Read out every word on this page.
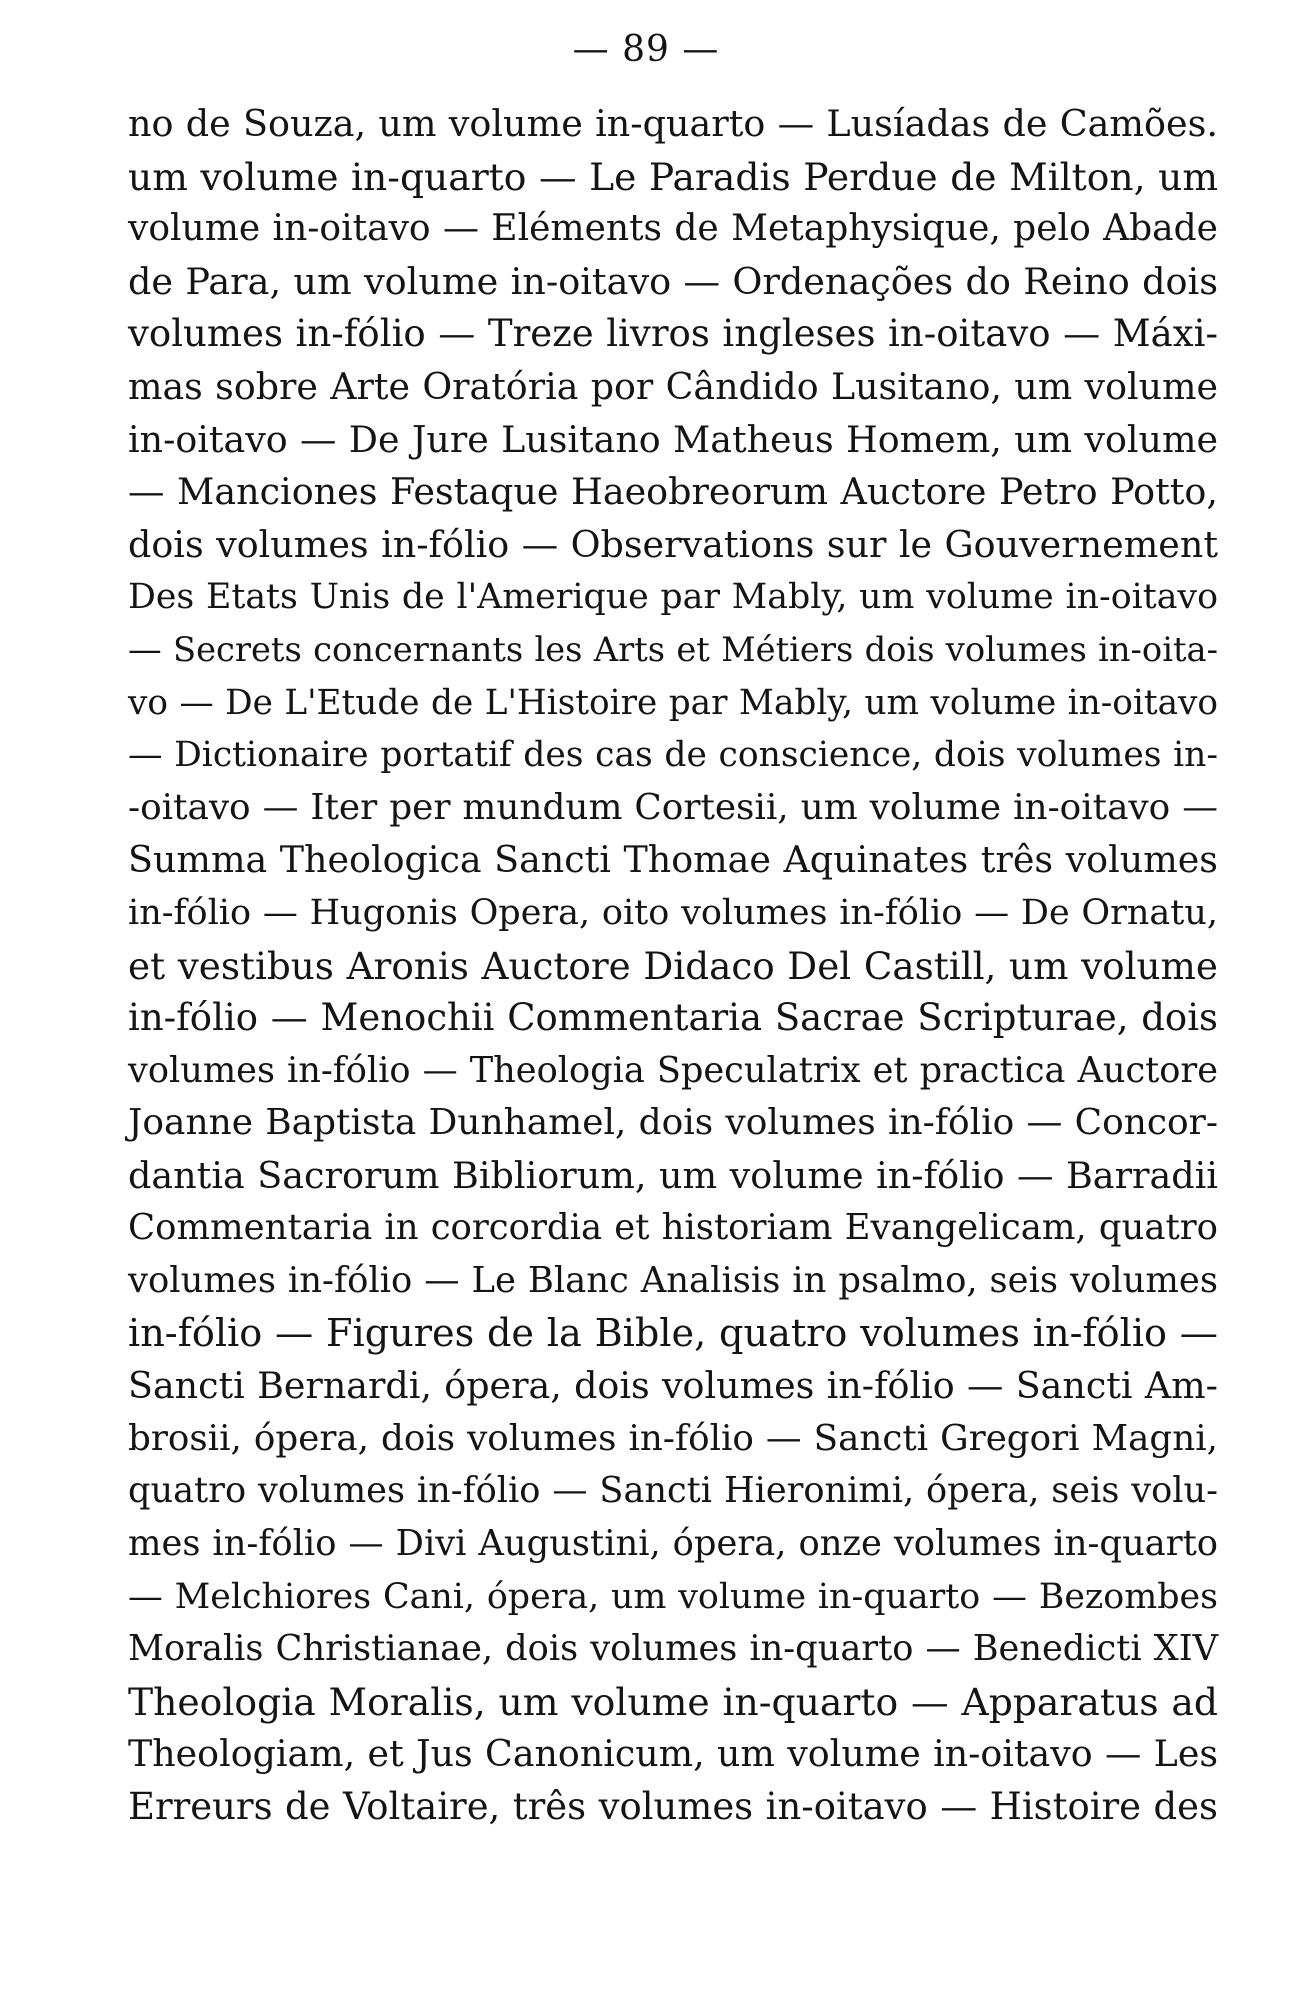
— 89 —
no de Souza, um volume in-quarto — Lusíadas de Camões.
um volume in-quarto — Le Paradis Perdue de Milton, um
volume in-oitavo — Eléments de Metaphysique, pelo Abade
de Para, um volume in-oitavo — Ordenações do Reino dois
volumes in-fólio — Treze livros ingleses in-oitavo — Máxi-
mas sobre Arte Oratória por Cândido Lusitano, um volume
in-oitavo — De Jure Lusitano Matheus Homem, um volume
— Manciones Festaque Haeobreorum Auctore Petro Potto,
dois volumes in-fólio — Observations sur le Gouvernement
Des Etats Unis de l'Amerique par Mably, um volume in-oitavo
— Secrets concernants les Arts et Métiers dois volumes in-oita-
vo — De L'Etude de L'Histoire par Mably, um volume in-oitavo
— Dictionaire portatif des cas de conscience, dois volumes in-
-oitavo — Iter per mundum Cortesii, um volume in-oitavo —
Summa Theologica Sancti Thomae Aquinates três volumes
in-fólio — Hugonis Opera, oito volumes in-fólio — De Ornatu,
et vestibus Aronis Auctore Didaco Del Castill, um volume
in-fólio — Menochii Commentaria Sacrae Scripturae, dois
volumes in-fólio — Theologia Speculatrix et practica Auctore
Joanne Baptista Dunhamel, dois volumes in-fólio — Concor-
dantia Sacrorum Bibliorum, um volume in-fólio — Barradii
Commentaria in corcordia et historiam Evangelicam, quatro
volumes in-fólio — Le Blanc Analisis in psalmo, seis volumes
in-fólio — Figures de la Bible, quatro volumes in-fólio —
Sancti Bernardi, ópera, dois volumes in-fólio — Sancti Am-
brosii, ópera, dois volumes in-fólio — Sancti Gregori Magni,
quatro volumes in-fólio — Sancti Hieronimi, ópera, seis volu-
mes in-fólio — Divi Augustini, ópera, onze volumes in-quarto
— Melchiores Cani, ópera, um volume in-quarto — Bezombes
Moralis Christianae, dois volumes in-quarto — Benedicti XIV
Theologia Moralis, um volume in-quarto — Apparatus ad
Theologiam, et Jus Canonicum, um volume in-oitavo — Les
Erreurs de Voltaire, três volumes in-oitavo — Histoire des
